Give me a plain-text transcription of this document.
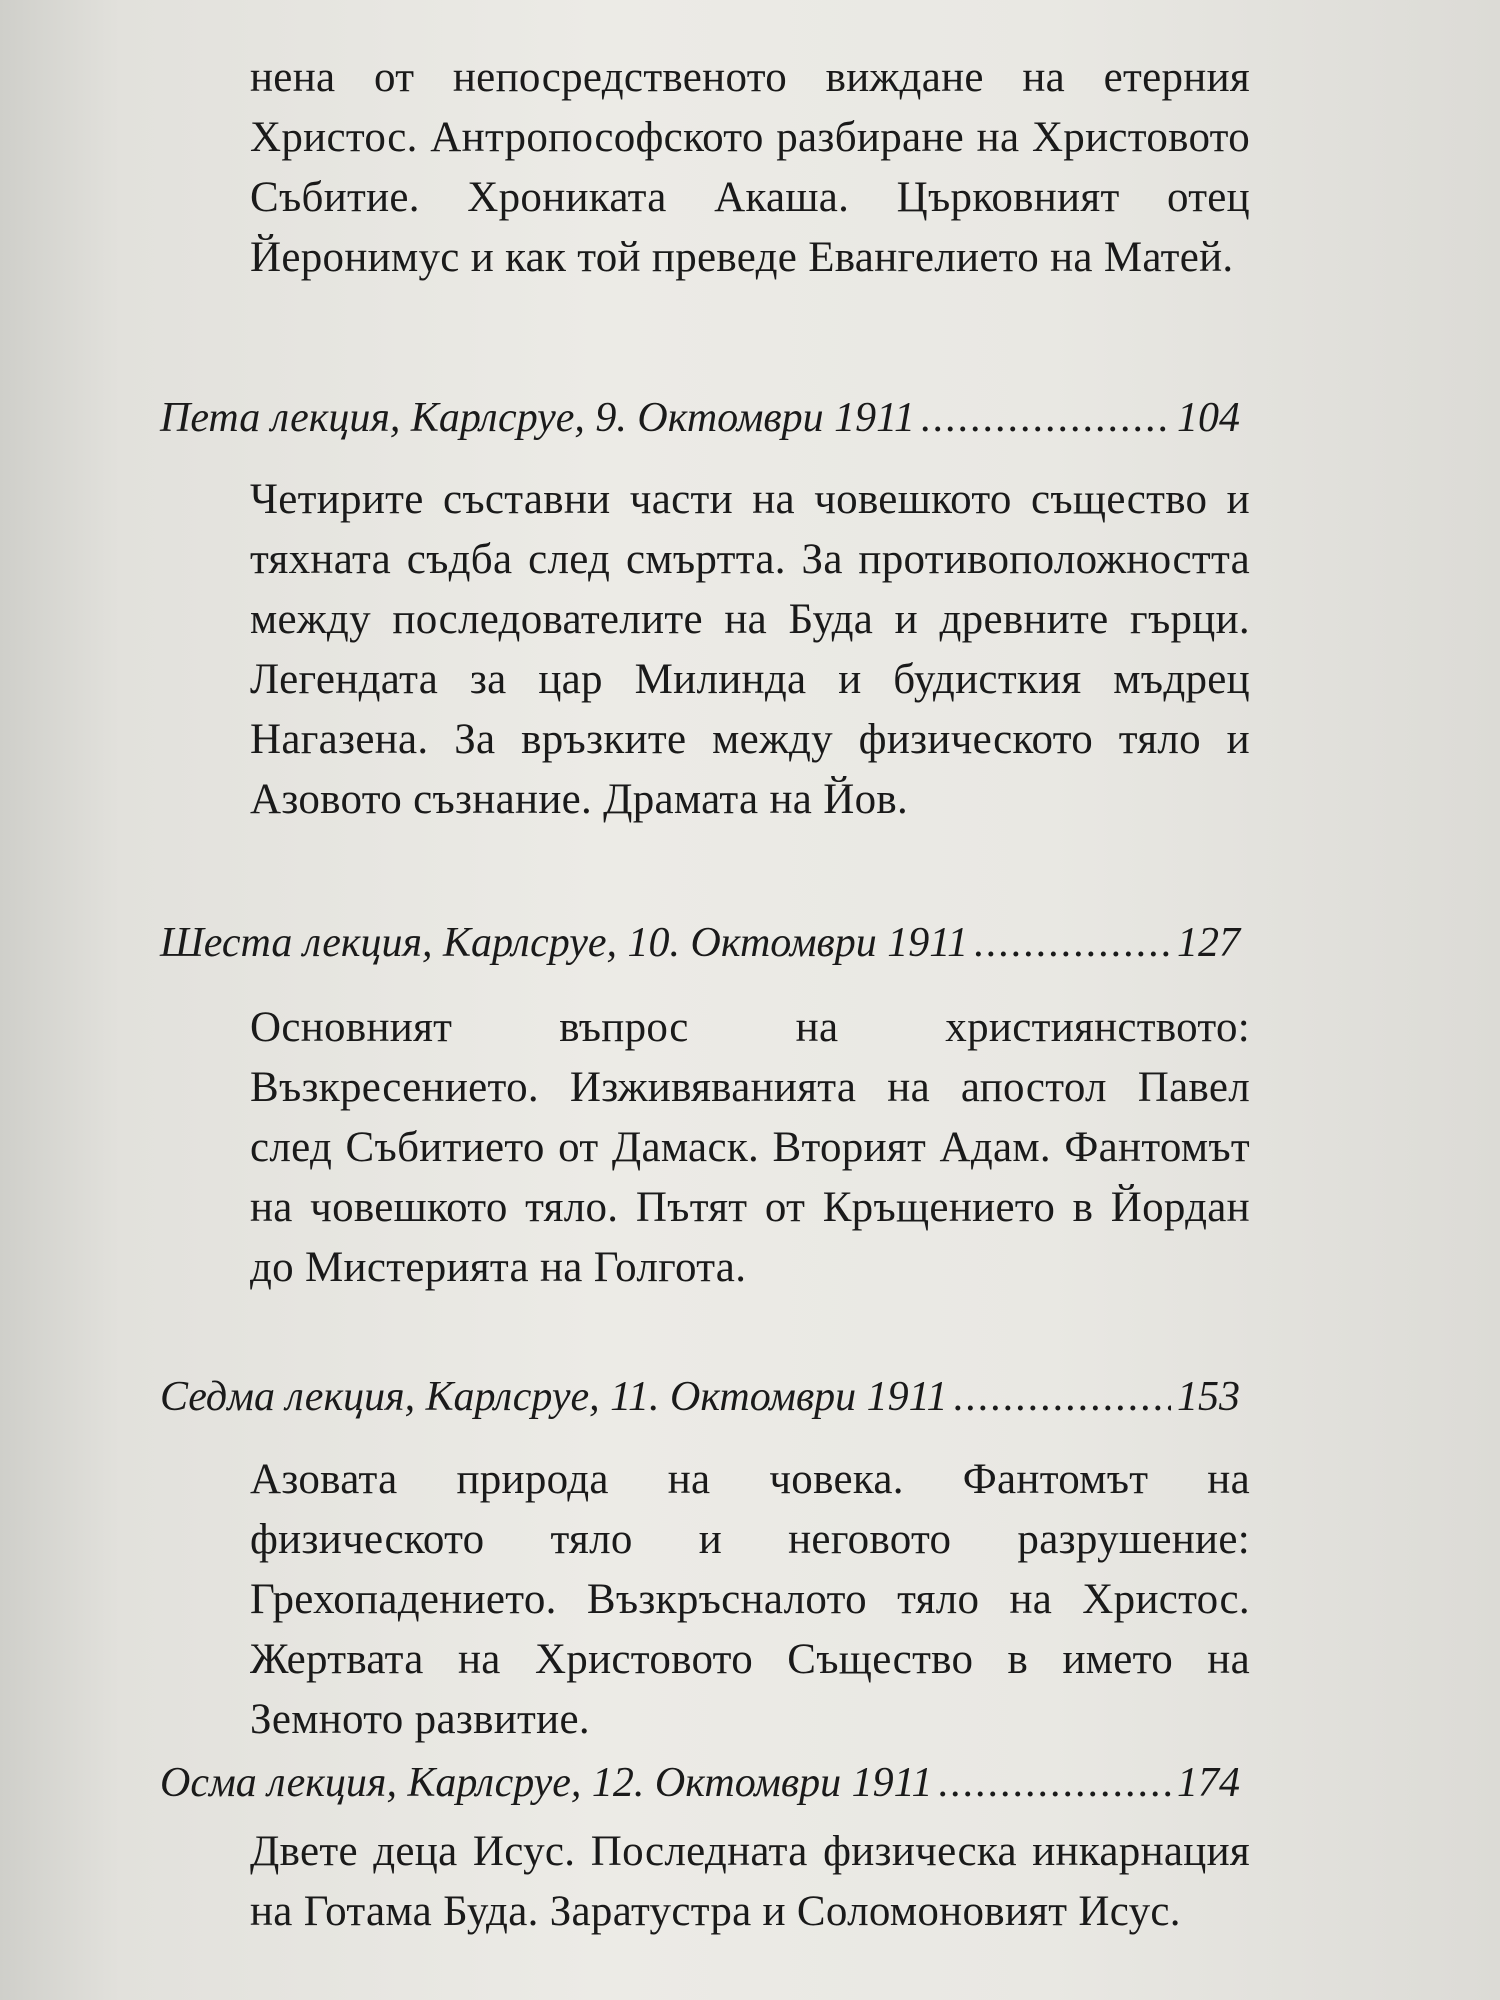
нена от непосредственото виждане на етерния Христос. Антропософското разбиране на Христовото Събитие. Хрониката Акаша. Църковният отец Йеронимус и как той преведе Евангелието на Матей.

Пета лекция, Карлсруе, 9. Октомври 1911 .....	104

Четирите съставни части на човешкото същество и тяхната съдба след смъртта. За противоположността между последователите на Буда и древните гърци. Легендата за цар Милинда и будисткия мъдрец Нагазена. За връзките между физическото тяло и Азовото съзнание. Драмата на Йов.

Шеста лекция, Карлсруе, 10. Октомври 1911 .....	127

Основният въпрос на християнството: Възкресението. Изживяванията на апостол Павел след Събитието от Дамаск. Вторият Адам. Фантомът на човешкото тяло. Пътят от Кръщението в Йордан до Мистерията на Голгота.

Седма лекция, Карлсруе, 11. Октомври 1911 .....	153

Азовата природа на човека. Фантомът на физическото тяло и неговото разрушение: Грехопадението. Възкръсналото тяло на Христос. Жертвата на Христовото Същество в името на Земното развитие.

Осма лекция, Карлсруе, 12. Октомври 1911 .....	174

Двете деца Исус. Последната физическа инкарнация на Готама Буда. Заратустра и Соломоновият Исус.
